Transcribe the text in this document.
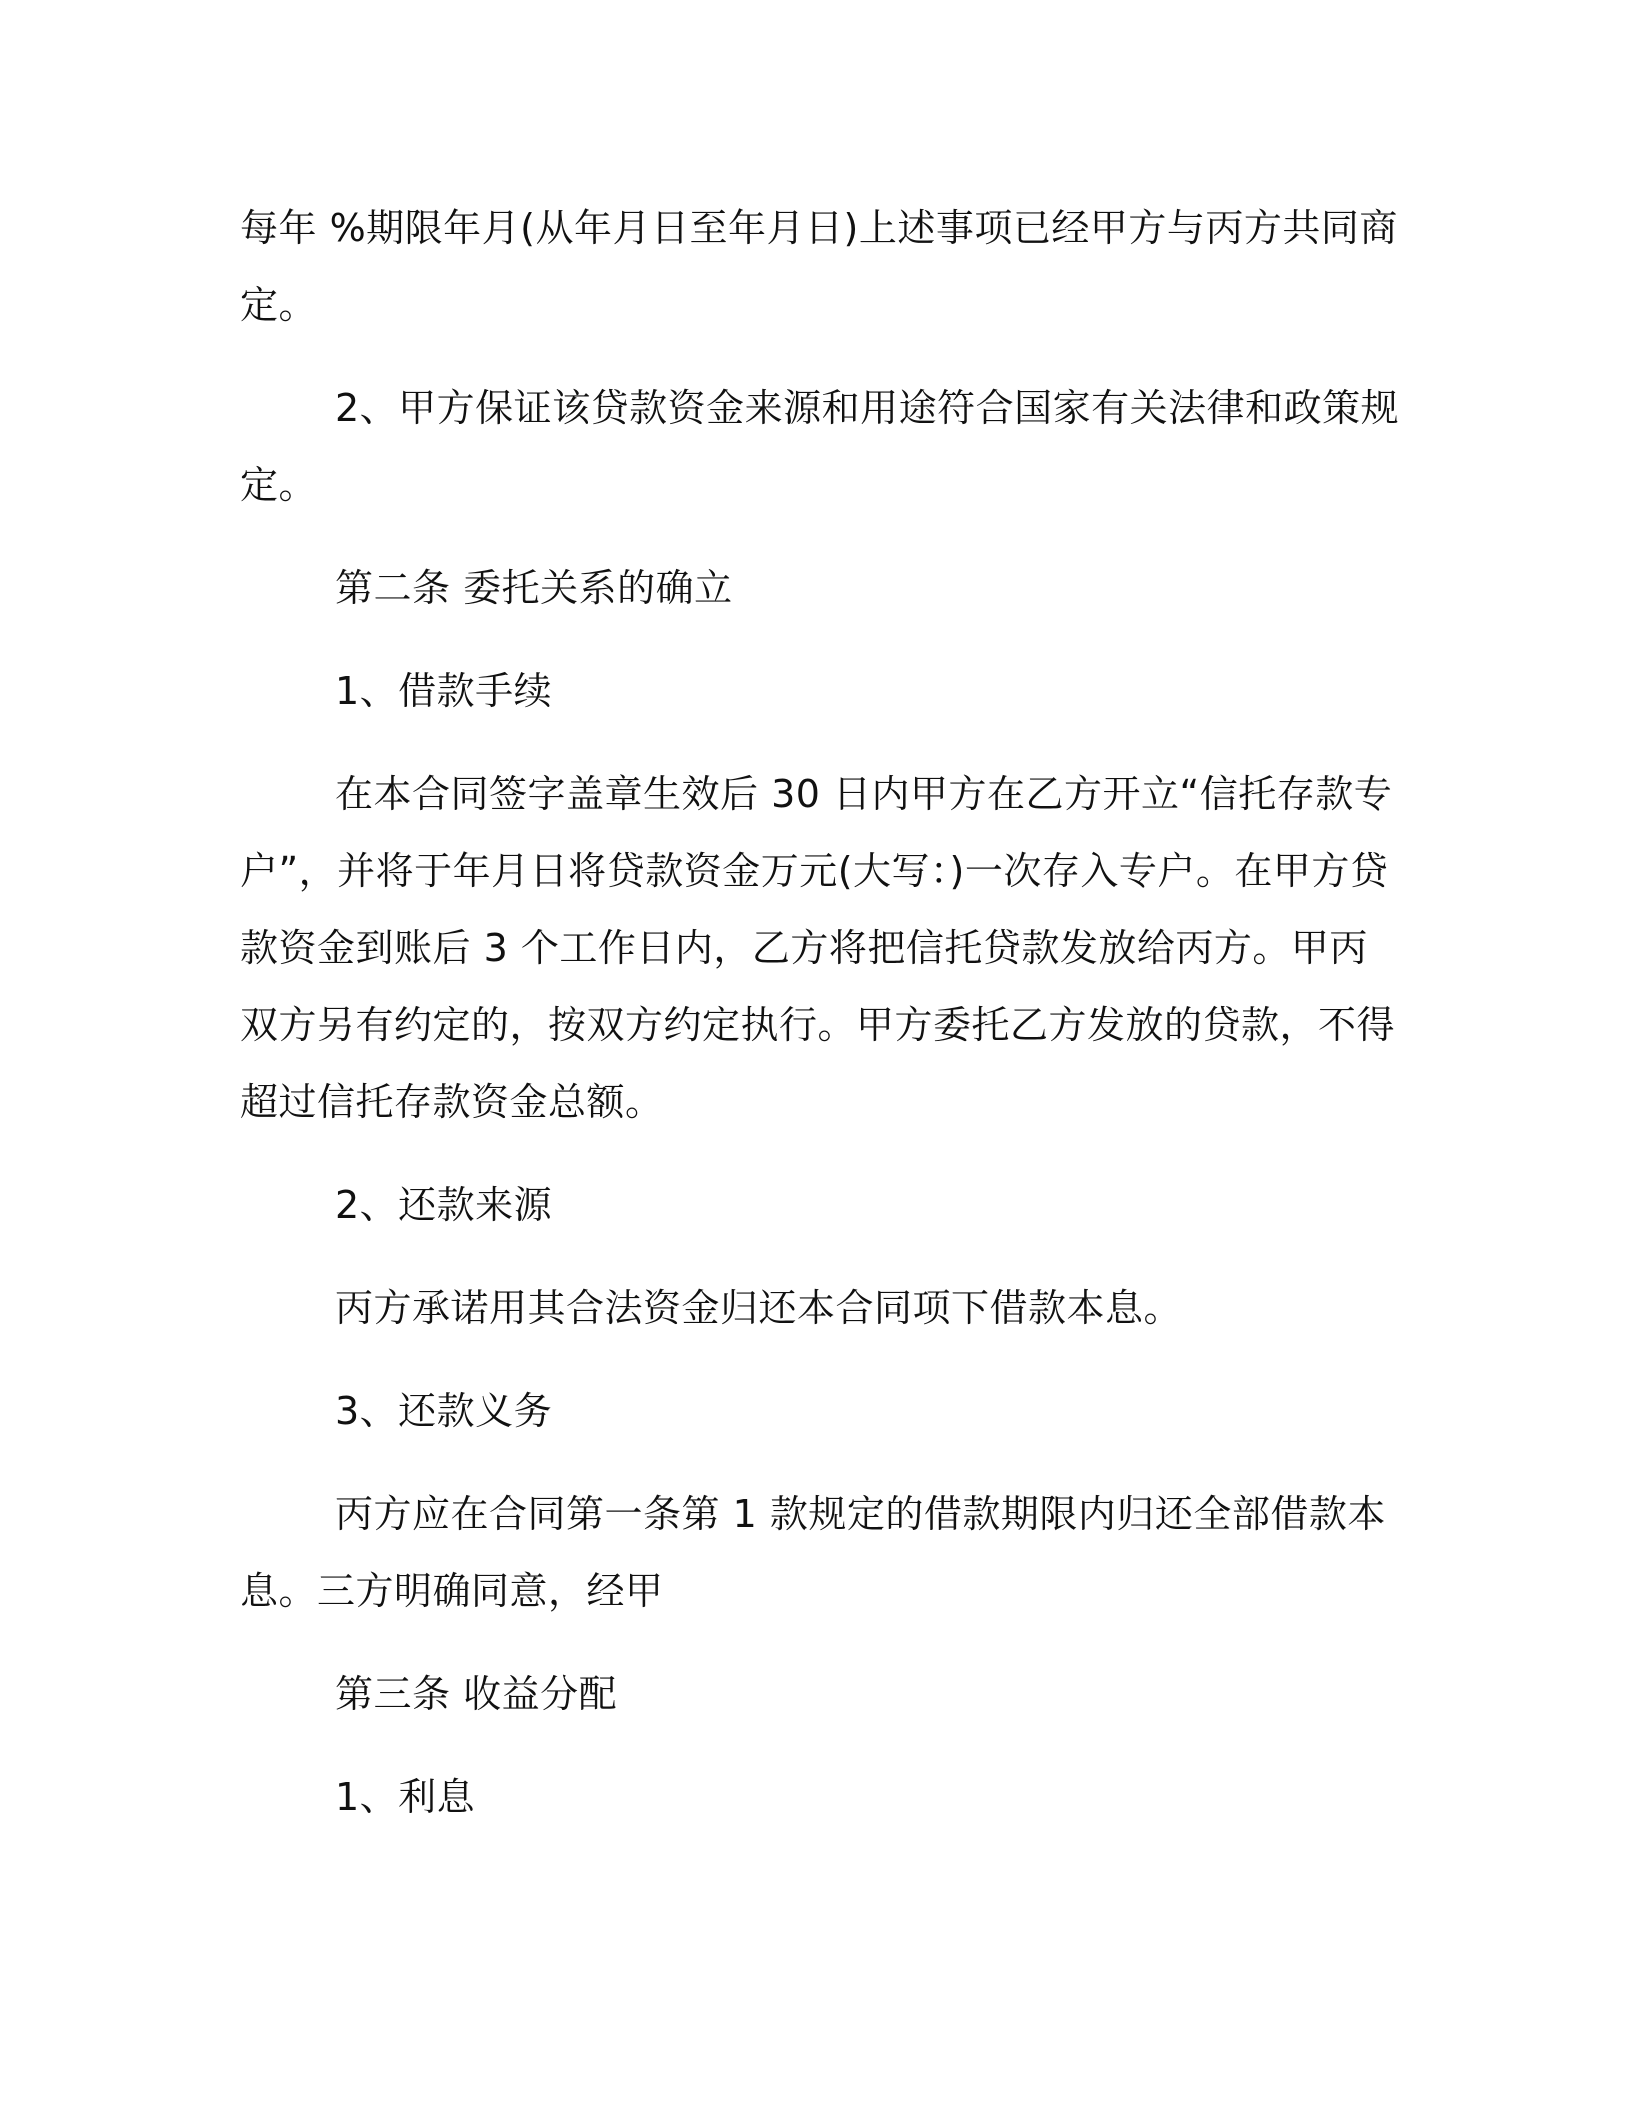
每年 %期限年月(从年月日至年月日)上述事项已经甲方与丙方共同商定。

2、甲方保证该贷款资金来源和用途符合国家有关法律和政策规定。

第二条 委托关系的确立

1、借款手续

在本合同签字盖章生效后 30 日内甲方在乙方开立“信托存款专户”，并将于年月日将贷款资金万元(大写：)一次存入专户。在甲方贷款资金到账后 3 个工作日内，乙方将把信托贷款发放给丙方。甲丙双方另有约定的，按双方约定执行。甲方委托乙方发放的贷款，不得超过信托存款资金总额。

2、还款来源

丙方承诺用其合法资金归还本合同项下借款本息。

3、还款义务

丙方应在合同第一条第 1 款规定的借款期限内归还全部借款本息。三方明确同意，经甲

第三条 收益分配

1、利息
